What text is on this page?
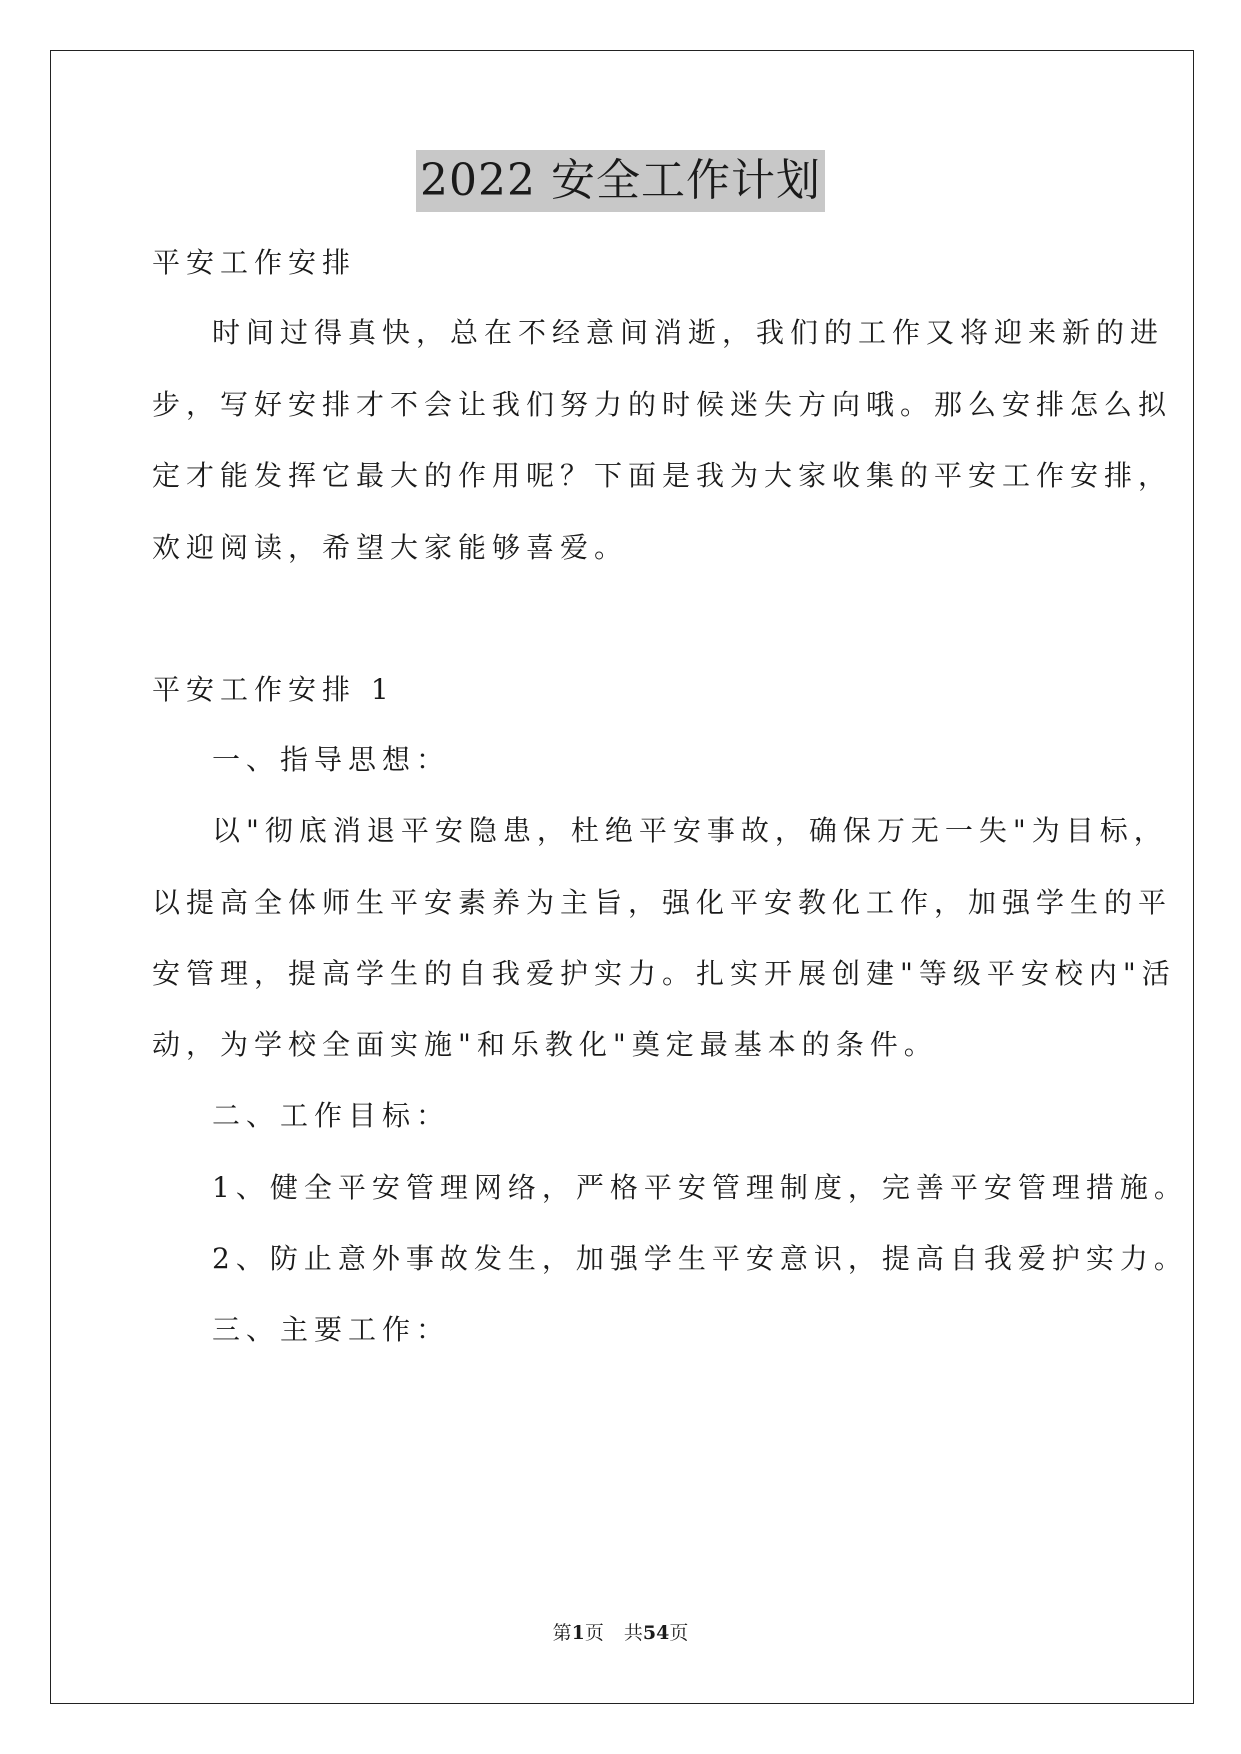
2022 安全工作计划
平安工作安排
时间过得真快，总在不经意间消逝，我们的工作又将迎来新的进
步，写好安排才不会让我们努力的时候迷失方向哦。那么安排怎么拟
定才能发挥它最大的作用呢？下面是我为大家收集的平安工作安排，
欢迎阅读，希望大家能够喜爱。
平安工作安排 1
一、指导思想：
以"彻底消退平安隐患，杜绝平安事故，确保万无一失"为目标，
以提高全体师生平安素养为主旨，强化平安教化工作，加强学生的平
安管理，提高学生的自我爱护实力。扎实开展创建"等级平安校内"活
动，为学校全面实施"和乐教化"奠定最基本的条件。
二、工作目标：
1、健全平安管理网络，严格平安管理制度，完善平安管理措施。
2、防止意外事故发生，加强学生平安意识，提高自我爱护实力。
三、主要工作：
第1页 共54页
